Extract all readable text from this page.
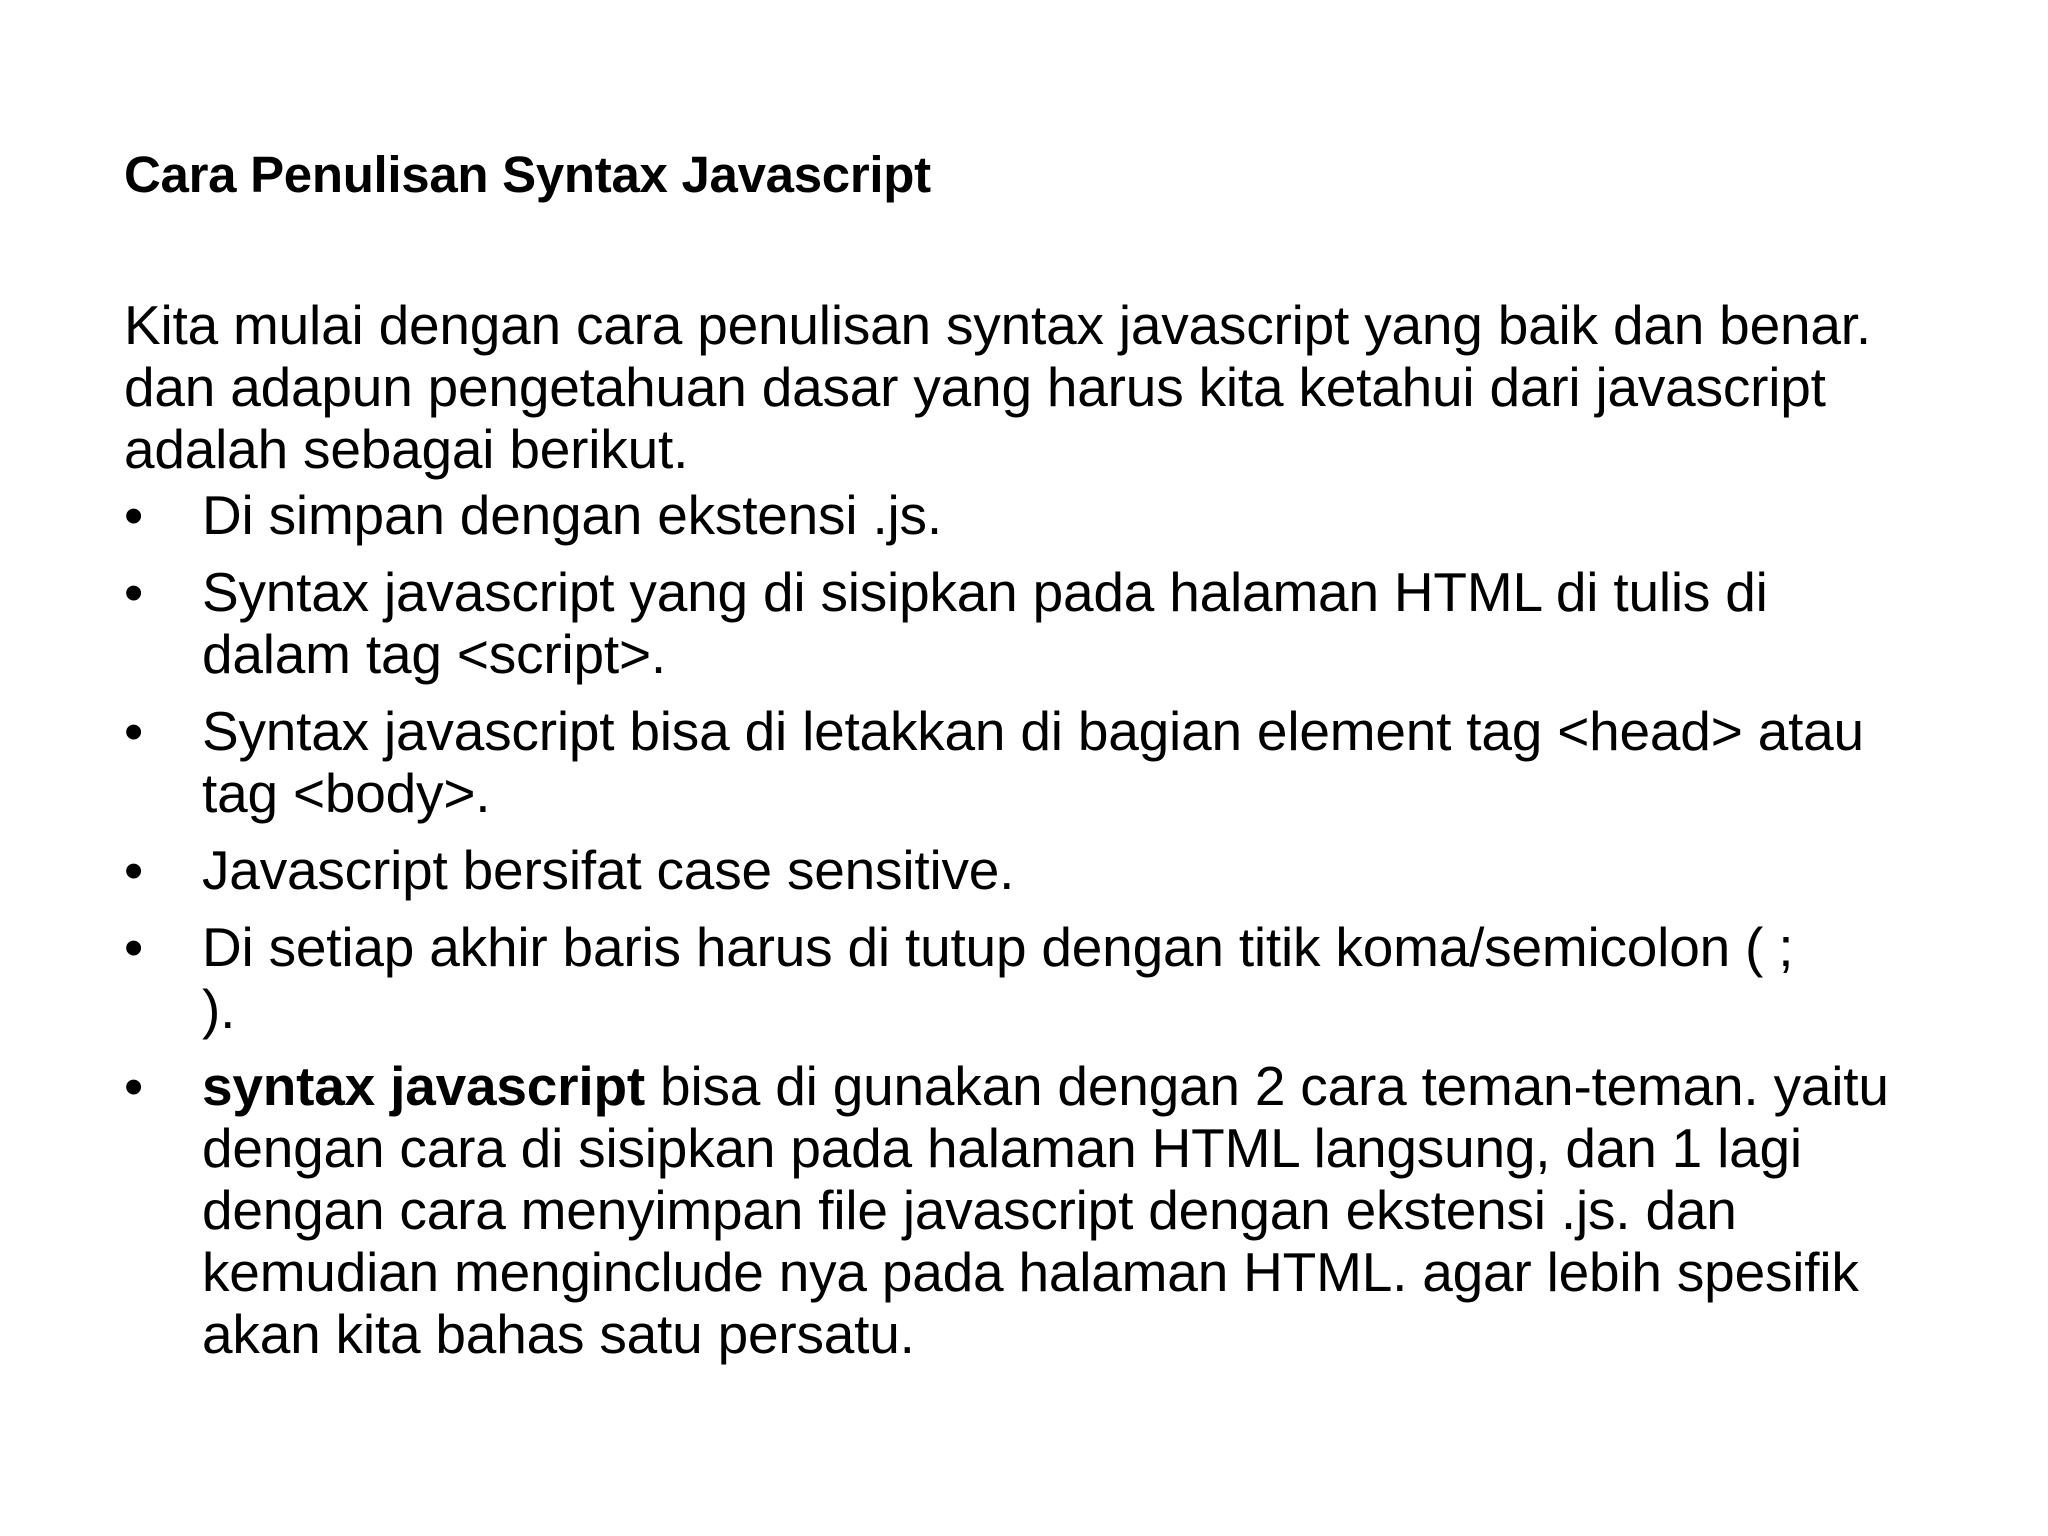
Cara Penulisan Syntax Javascript
Kita mulai dengan cara penulisan syntax javascript yang baik dan benar.
dan adapun pengetahuan dasar yang harus kita ketahui dari javascript
adalah sebagai berikut.
•	Di simpan dengan ekstensi .js.
•	Syntax javascript yang di sisipkan pada halaman HTML di tulis di
dalam tag <script>.
•	Syntax javascript bisa di letakkan di bagian element tag <head> atau
tag <body>.
•	Javascript bersifat case sensitive.
•	Di setiap akhir baris harus di tutup dengan titik koma/semicolon ( ;
).
•	syntax javascript bisa di gunakan dengan 2 cara teman-teman. yaitu
dengan cara di sisipkan pada halaman HTML langsung, dan 1 lagi
dengan cara menyimpan file javascript dengan ekstensi .js. dan
kemudian menginclude nya pada halaman HTML. agar lebih spesifik
akan kita bahas satu persatu.
